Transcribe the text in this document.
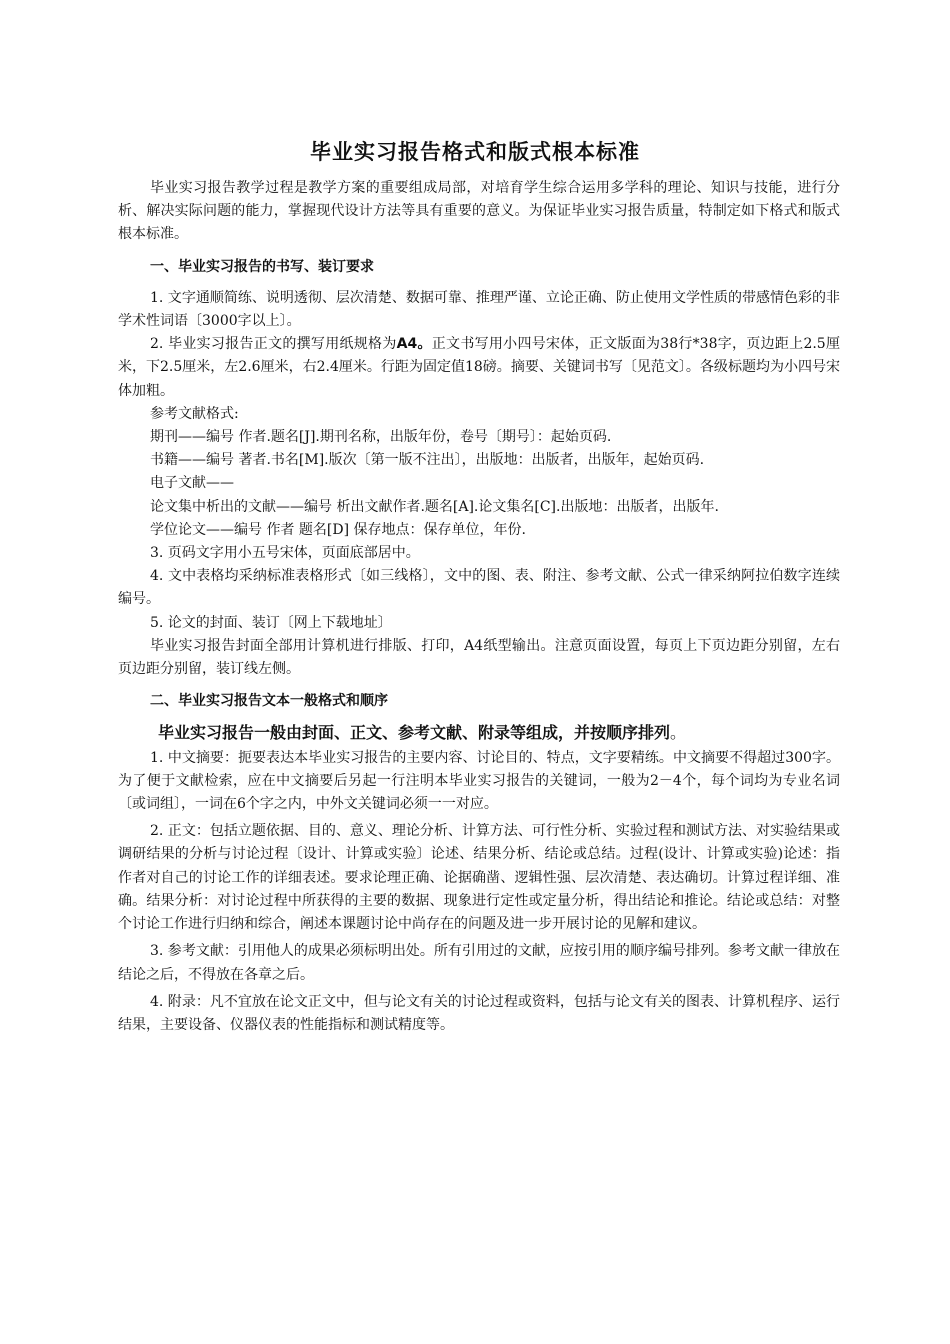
毕业实习报告格式和版式根本标准

毕业实习报告教学过程是教学方案的重要组成局部，对培育学生综合运用多学科的理论、知识与技能，进行分析、解决实际问题的能力，掌握现代设计方法等具有重要的意义。为保证毕业实习报告质量，特制定如下格式和版式根本标准。

一、毕业实习报告的书写、装订要求

1. 文字通顺简练、说明透彻、层次清楚、数据可靠、推理严谨、立论正确、防止使用文学性质的带感情色彩的非学术性词语〔3000字以上〕。

2. 毕业实习报告正文的撰写用纸规格为A4。正文书写用小四号宋体，正文版面为38行*38字，页边距上2.5厘米，下2.5厘米，左2.6厘米，右2.4厘米。行距为固定值18磅。摘要、关键词书写〔见范文〕。各级标题均为小四号宋体加粗。

参考文献格式:

期刊——编号 作者.题名[J].期刊名称，出版年份，卷号〔期号〕：起始页码.

书籍——编号 著者.书名[M].版次〔第一版不注出〕，出版地：出版者，出版年，起始页码.

电子文献——

论文集中析出的文献——编号 析出文献作者.题名[A].论文集名[C].出版地：出版者，出版年.

学位论文——编号 作者 题名[D] 保存地点：保存单位，年份.

3. 页码文字用小五号宋体，页面底部居中。

4. 文中表格均采纳标准表格形式〔如三线格〕，文中的图、表、附注、参考文献、公式一律采纳阿拉伯数字连续编号。

5. 论文的封面、装订〔网上下载地址〕

毕业实习报告封面全部用计算机进行排版、打印，A4纸型输出。注意页面设置，每页上下页边距分别留，左右页边距分别留，装订线左侧。

二、毕业实习报告文本一般格式和顺序

毕业实习报告一般由封面、正文、参考文献、附录等组成，并按顺序排列。

1. 中文摘要：扼要表达本毕业实习报告的主要内容、讨论目的、特点，文字要精练。中文摘要不得超过300字。为了便于文献检索，应在中文摘要后另起一行注明本毕业实习报告的关键词，一般为2－4个，每个词均为专业名词〔或词组〕，一词在6个字之内，中外文关键词必须一一对应。

2. 正文：包括立题依据、目的、意义、理论分析、计算方法、可行性分析、实验过程和测试方法、对实验结果或调研结果的分析与讨论过程〔设计、计算或实验〕论述、结果分析、结论或总结。过程(设计、计算或实验)论述：指作者对自己的讨论工作的详细表述。要求论理正确、论据确凿、逻辑性强、层次清楚、表达确切。计算过程详细、准确。结果分析：对讨论过程中所获得的主要的数据、现象进行定性或定量分析，得出结论和推论。结论或总结：对整个讨论工作进行归纳和综合，阐述本课题讨论中尚存在的问题及进一步开展讨论的见解和建议。

3. 参考文献：引用他人的成果必须标明出处。所有引用过的文献，应按引用的顺序编号排列。参考文献一律放在结论之后，不得放在各章之后。

4. 附录：凡不宜放在论文正文中，但与论文有关的讨论过程或资料，包括与论文有关的图表、计算机程序、运行结果，主要设备、仪器仪表的性能指标和测试精度等。
